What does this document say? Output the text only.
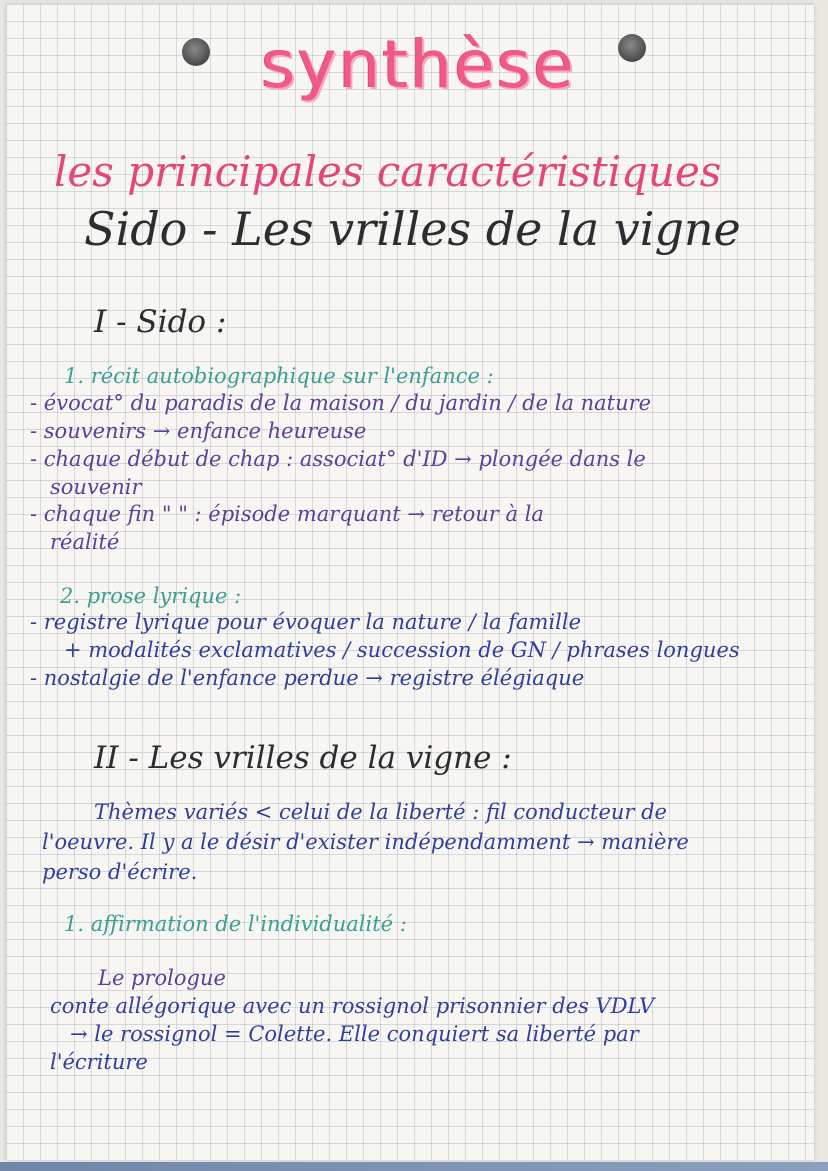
synthèse

les principales caractéristiques

Sido - Les vrilles de la vigne

I - Sido :

1. récit autobiographique sur l'enfance :

- évocat° du paradis de la maison / du jardin / de la nature

- souvenirs → enfance heureuse

- chaque début de chap : associat° d'ID → plongée dans le

souvenir

- chaque fin " " : épisode marquant → retour à la

réalité

2. prose lyrique :

- registre lyrique pour évoquer la nature / la famille

+ modalités exclamatives / succession de GN / phrases longues

- nostalgie de l'enfance perdue → registre élégiaque

II - Les vrilles de la vigne :

Thèmes variés < celui de la liberté : fil conducteur de

l'oeuvre. Il y a le désir d'exister indépendamment → manière

perso d'écrire.

1. affirmation de l'individualité :

Le prologue

conte allégorique avec un rossignol prisonnier des VDLV

→ le rossignol = Colette. Elle conquiert sa liberté par

l'écriture
